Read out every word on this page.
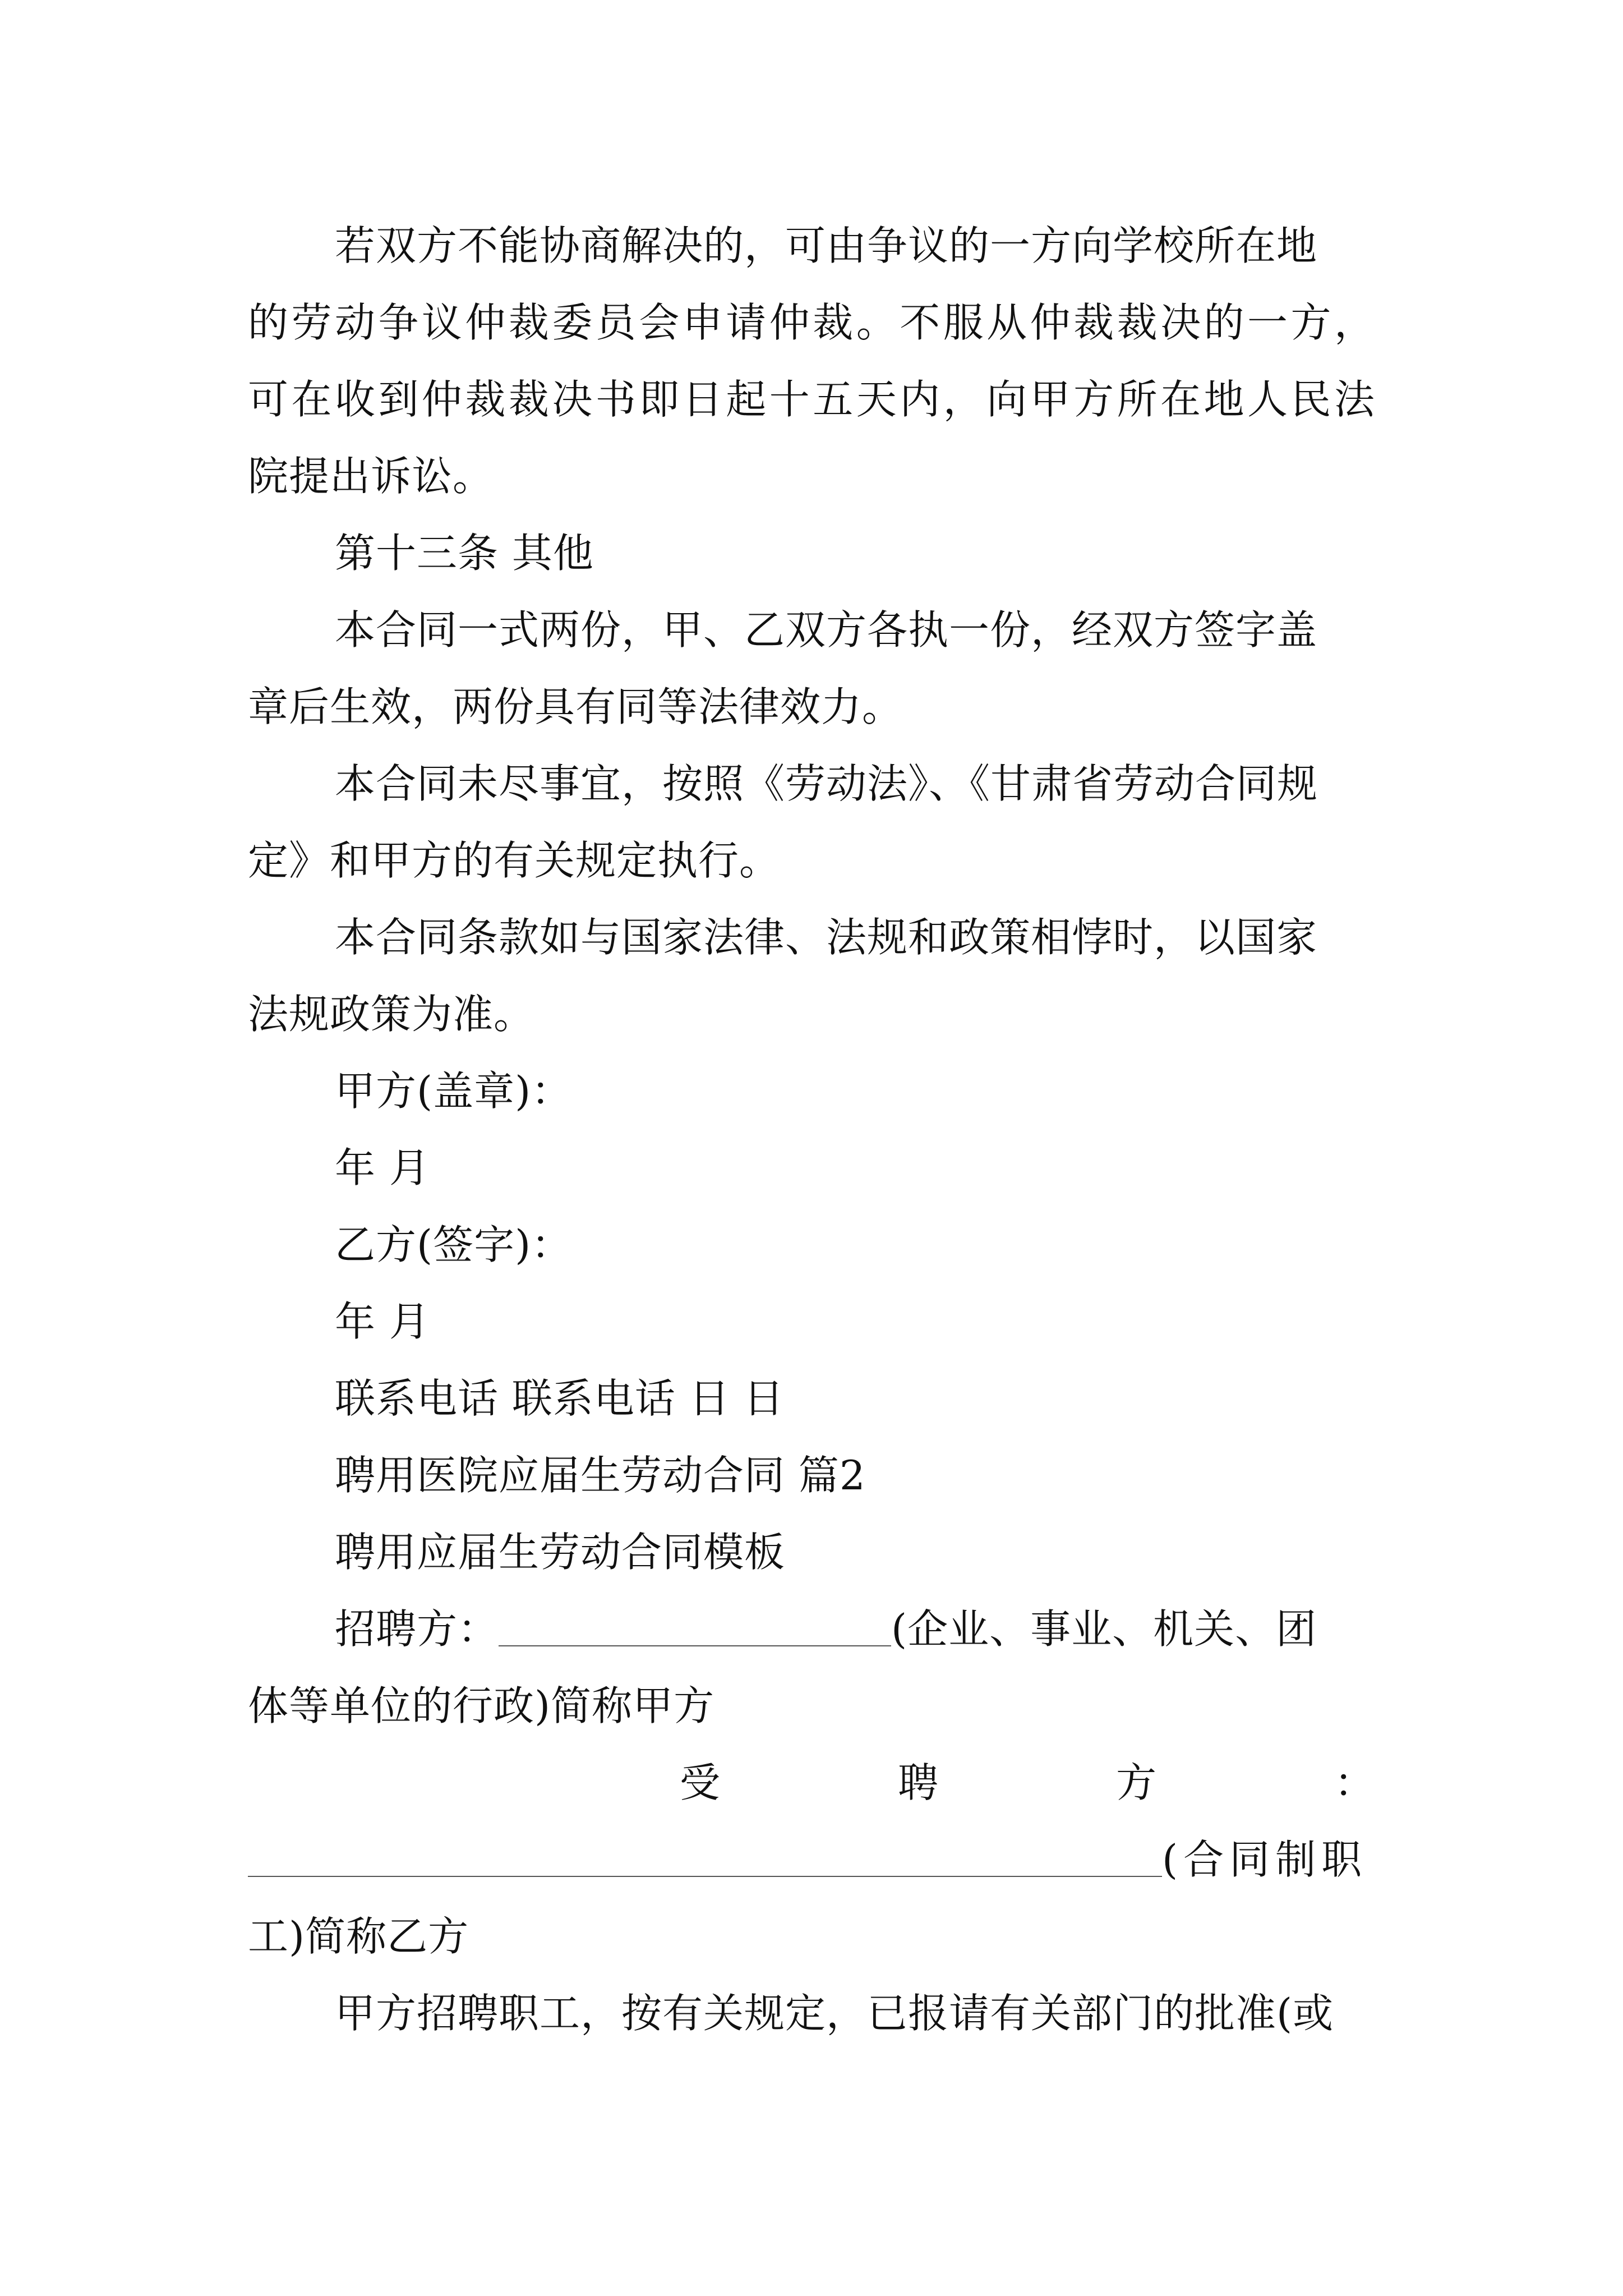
若双方不能协商解决的，可由争议的一方向学校所在地
的劳动争议仲裁委员会申请仲裁。不服从仲裁裁决的一方，
可在收到仲裁裁决书即日起十五天内，向甲方所在地人民法
院提出诉讼。
第十三条 其他
本合同一式两份，甲、乙双方各执一份，经双方签字盖
章后生效，两份具有同等法律效力。
本合同未尽事宜，按照《劳动法》、《甘肃省劳动合同规
定》和甲方的有关规定执行。
本合同条款如与国家法律、法规和政策相悖时，以国家
法规政策为准。
甲方(盖章)：
年 月
乙方(签字)：
年 月
联系电话 联系电话 日 日
聘用医院应届生劳动合同 篇2
聘用应届生劳动合同模板
招聘方：	(企业、事业、机关、团
体等单位的行政)简称甲方
受	聘	方	：
(合同制职
工)简称乙方
甲方招聘职工，按有关规定，已报请有关部门的批准(或
